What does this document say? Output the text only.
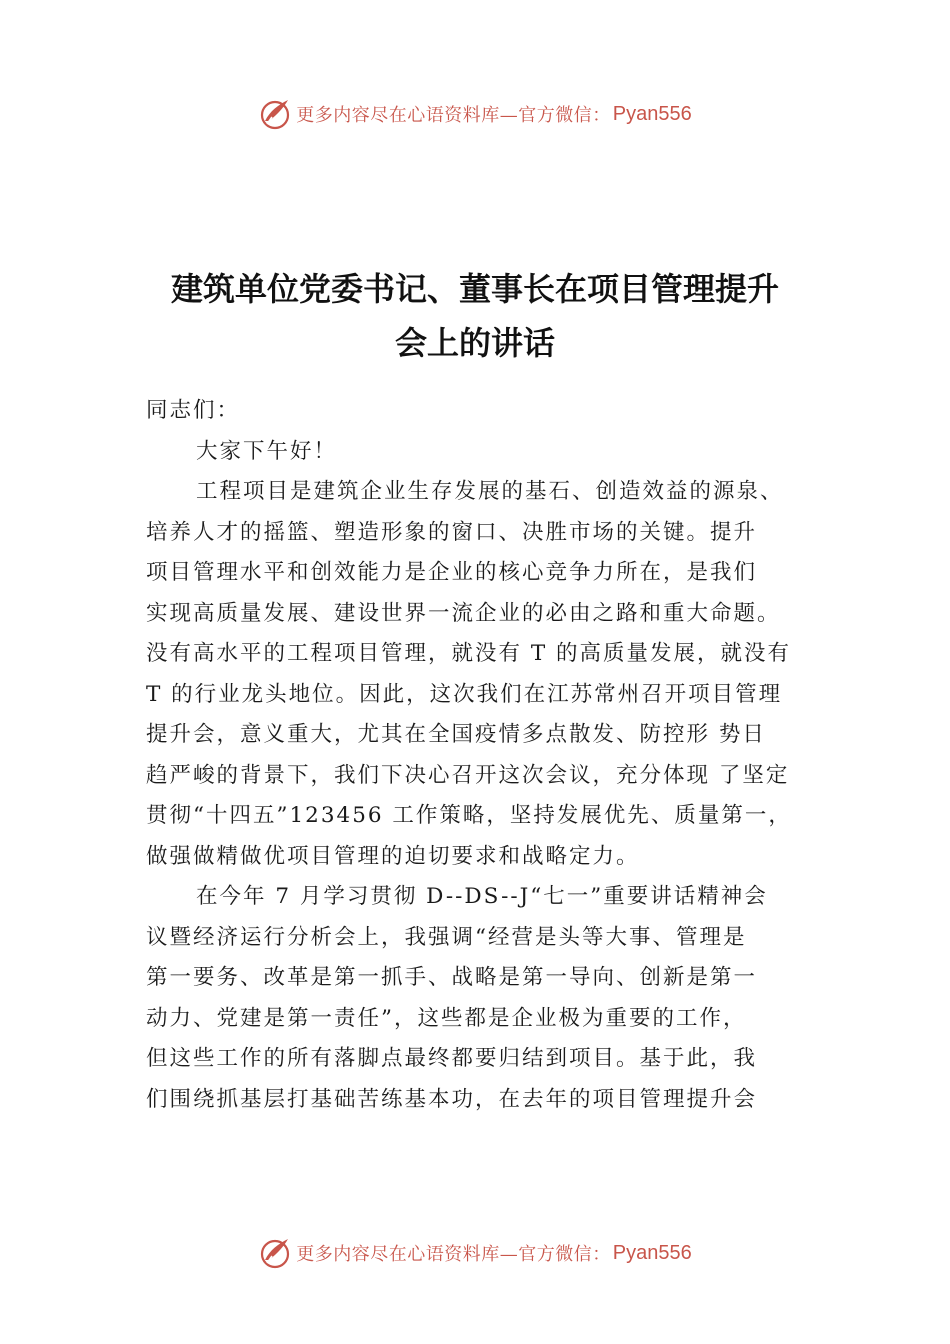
更多内容尽在心语资料库—官方微信： Pyan556
建筑单位党委书记、董事长在项目管理提升
会上的讲话
同志们：
大家下午好！
工程项目是建筑企业生存发展的基石、创造效益的源泉、
培养人才的摇篮、塑造形象的窗口、决胜市场的关键。提升
项目管理水平和创效能力是企业的核心竞争力所在，是我们
实现高质量发展、建设世界一流企业的必由之路和重大命题。
没有高水平的工程项目管理，就没有 T 的高质量发展，就没有
T 的行业龙头地位。因此，这次我们在江苏常州召开项目管理
提升会，意义重大，尤其在全国疫情多点散发、防控形 势日
趋严峻的背景下，我们下决心召开这次会议，充分体现 了坚定
贯彻“十四五”123456 工作策略，坚持发展优先、质量第一，
做强做精做优项目管理的迫切要求和战略定力。
在今年 7 月学习贯彻 D--DS--J“七一”重要讲话精神会
议暨经济运行分析会上，我强调“经营是头等大事、管理是
第一要务、改革是第一抓手、战略是第一导向、创新是第一
动力、党建是第一责任”，这些都是企业极为重要的工作，
但这些工作的所有落脚点最终都要归结到项目。基于此，我
们围绕抓基层打基础苦练基本功，在去年的项目管理提升会
更多内容尽在心语资料库—官方微信： Pyan556
